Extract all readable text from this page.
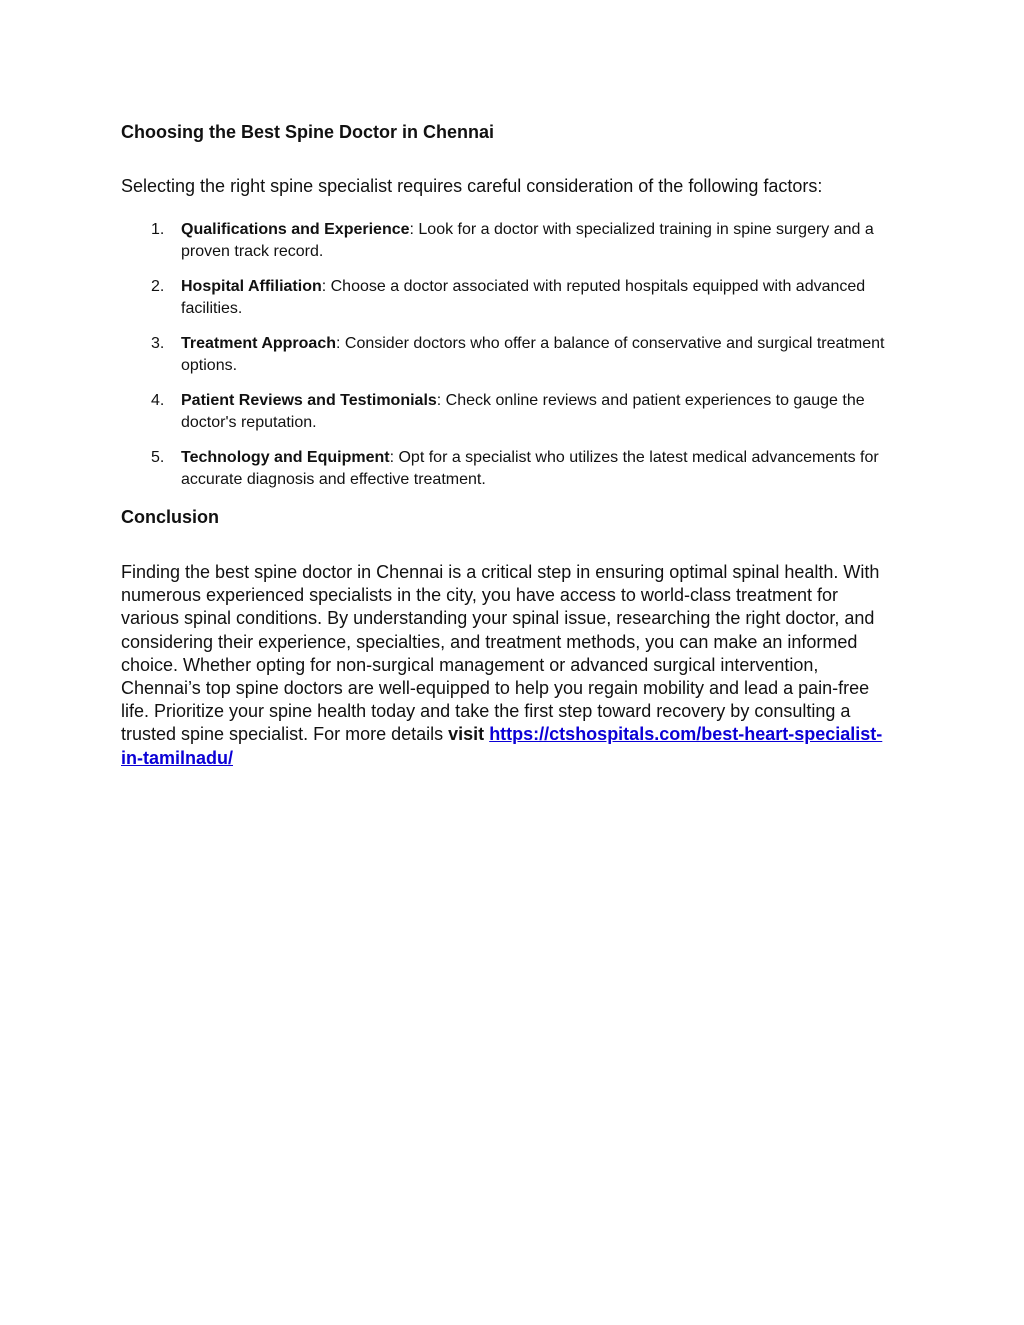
Choosing the Best Spine Doctor in Chennai

Selecting the right spine specialist requires careful consideration of the following factors:

1. Qualifications and Experience: Look for a doctor with specialized training in spine surgery and a proven track record.
2. Hospital Affiliation: Choose a doctor associated with reputed hospitals equipped with advanced facilities.
3. Treatment Approach: Consider doctors who offer a balance of conservative and surgical treatment options.
4. Patient Reviews and Testimonials: Check online reviews and patient experiences to gauge the doctor's reputation.
5. Technology and Equipment: Opt for a specialist who utilizes the latest medical advancements for accurate diagnosis and effective treatment.
Conclusion

Finding the best spine doctor in Chennai is a critical step in ensuring optimal spinal health. With numerous experienced specialists in the city, you have access to world-class treatment for various spinal conditions. By understanding your spinal issue, researching the right doctor, and considering their experience, specialties, and treatment methods, you can make an informed choice. Whether opting for non-surgical management or advanced surgical intervention, Chennai’s top spine doctors are well-equipped to help you regain mobility and lead a pain-free life. Prioritize your spine health today and take the first step toward recovery by consulting a trusted spine specialist. For more details visit https://ctshospitals.com/best-heart-specialist-in-tamilnadu/
